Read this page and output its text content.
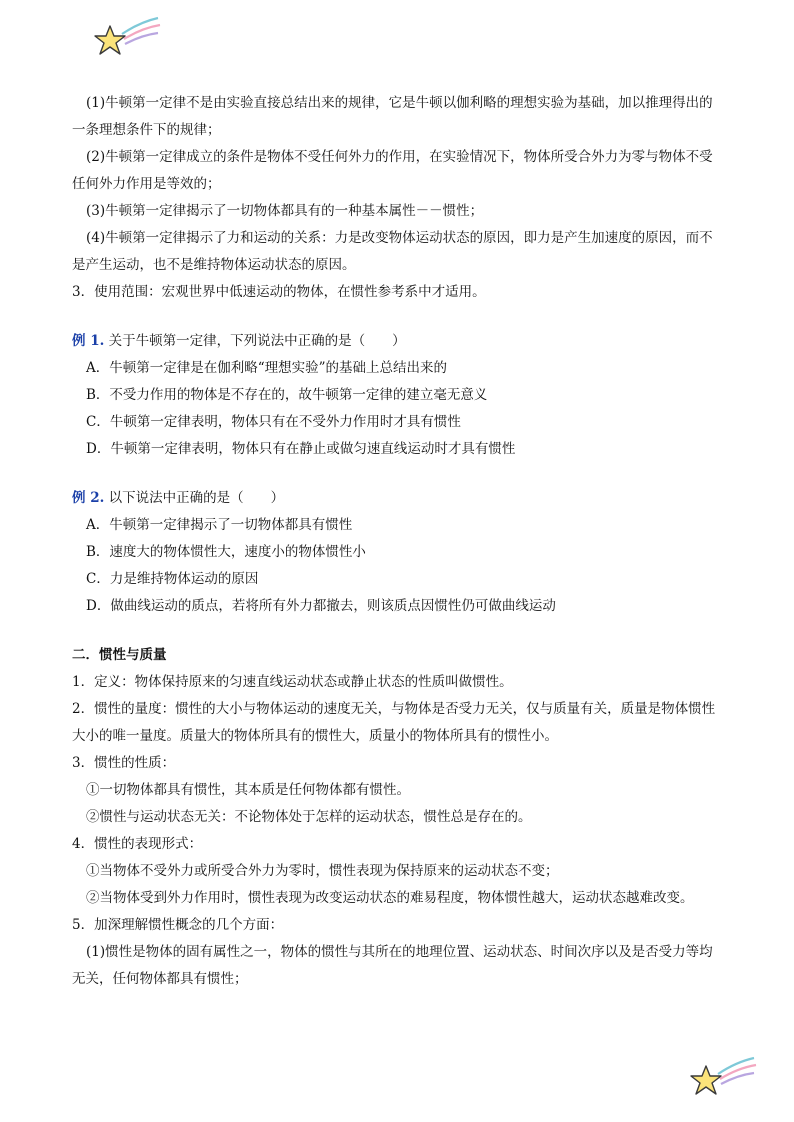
(1)牛顿第一定律不是由实验直接总结出来的规律，它是牛顿以伽利略的理想实验为基础，加以推理得出的一条理想条件下的规律；

(2)牛顿第一定律成立的条件是物体不受任何外力的作用，在实验情况下，物体所受合外力为零与物体不受任何外力作用是等效的；

(3)牛顿第一定律揭示了一切物体都具有的一种基本属性－－惯性；

(4)牛顿第一定律揭示了力和运动的关系：力是改变物体运动状态的原因，即力是产生加速度的原因，而不是产生运动，也不是维持物体运动状态的原因。

3．使用范围：宏观世界中低速运动的物体，在惯性参考系中才适用。

例 1. 关于牛顿第一定律，下列说法中正确的是（　　）

A．牛顿第一定律是在伽利略“理想实验”的基础上总结出来的

B．不受力作用的物体是不存在的，故牛顿第一定律的建立毫无意义

C．牛顿第一定律表明，物体只有在不受外力作用时才具有惯性

D．牛顿第一定律表明，物体只有在静止或做匀速直线运动时才具有惯性

例 2. 以下说法中正确的是（　　）

A．牛顿第一定律揭示了一切物体都具有惯性

B．速度大的物体惯性大，速度小的物体惯性小

C．力是维持物体运动的原因

D．做曲线运动的质点，若将所有外力都撤去，则该质点因惯性仍可做曲线运动

二．惯性与质量

1．定义：物体保持原来的匀速直线运动状态或静止状态的性质叫做惯性。

2．惯性的量度：惯性的大小与物体运动的速度无关，与物体是否受力无关，仅与质量有关，质量是物体惯性大小的唯一量度。质量大的物体所具有的惯性大，质量小的物体所具有的惯性小。

3．惯性的性质：

①一切物体都具有惯性，其本质是任何物体都有惯性。

②惯性与运动状态无关：不论物体处于怎样的运动状态，惯性总是存在的。

4．惯性的表现形式：

①当物体不受外力或所受合外力为零时，惯性表现为保持原来的运动状态不变；

②当物体受到外力作用时，惯性表现为改变运动状态的难易程度，物体惯性越大，运动状态越难改变。

5．加深理解惯性概念的几个方面：

(1)惯性是物体的固有属性之一，物体的惯性与其所在的地理位置、运动状态、时间次序以及是否受力等均无关，任何物体都具有惯性；
